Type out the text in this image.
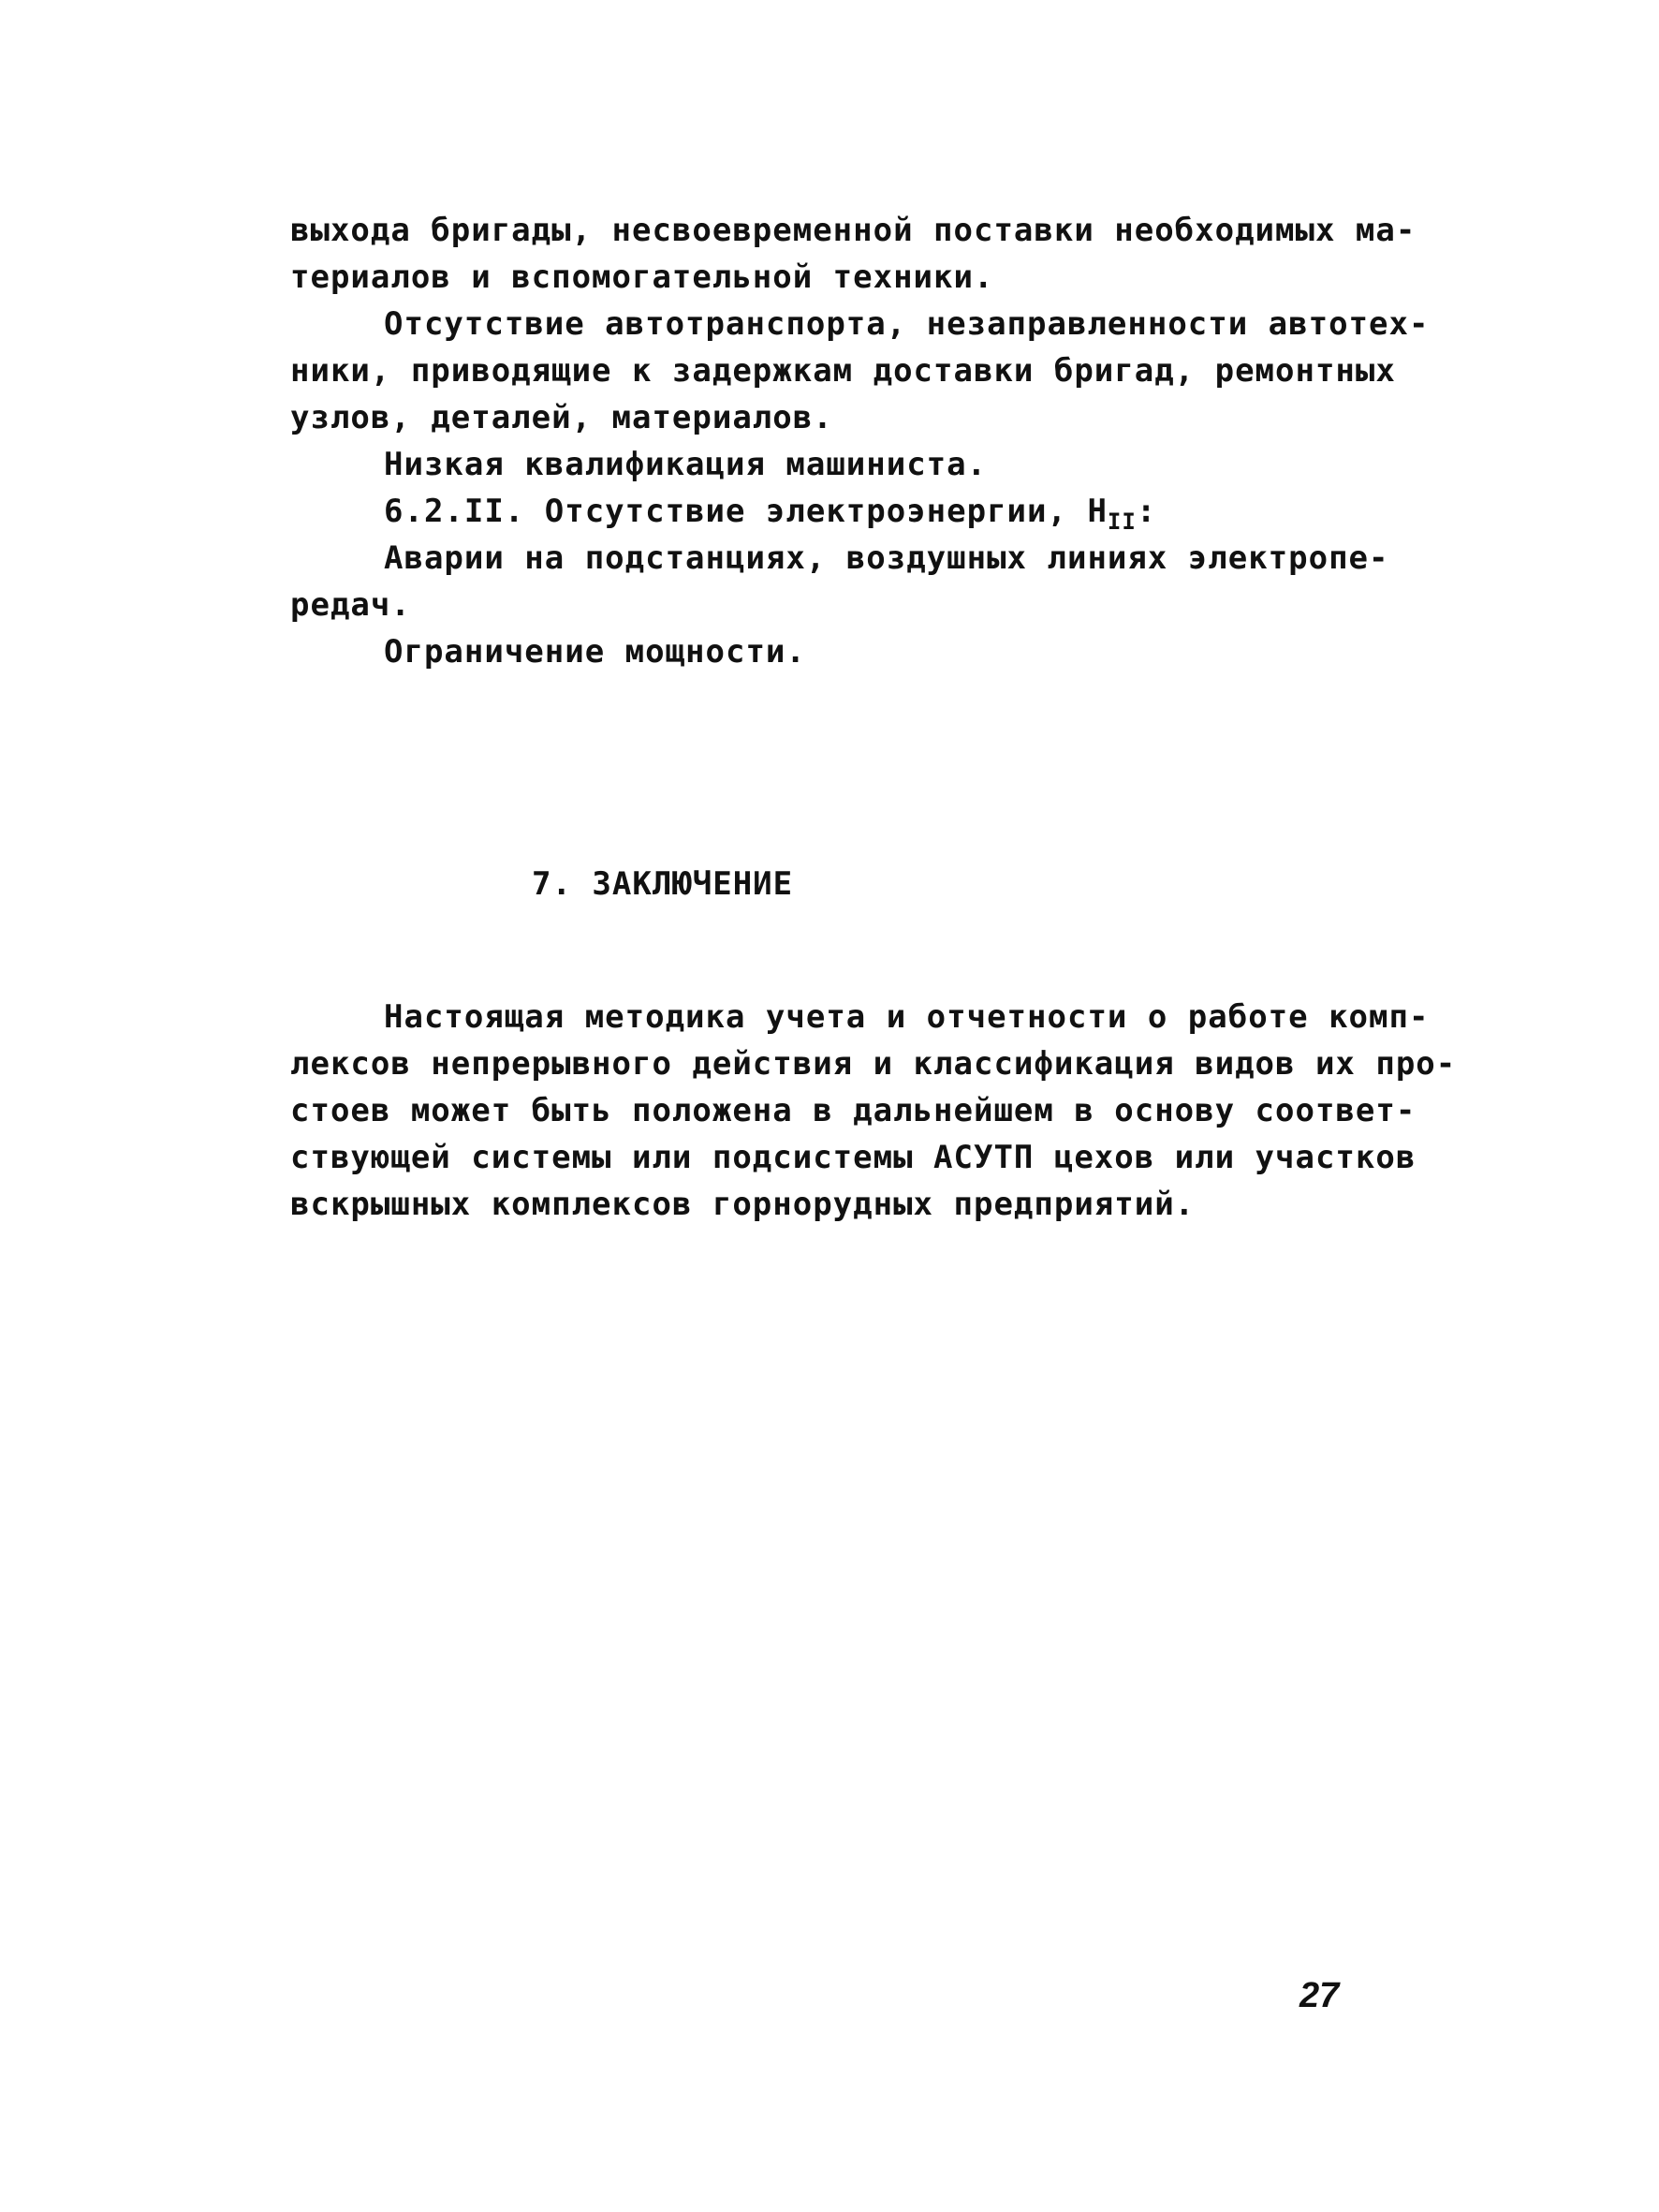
выхода бригады, несвоевременной поставки необходимых ма-
териалов и вспомогательной техники.
Отсутствие автотранспорта, незаправленности автотех-
ники, приводящие к задержкам доставки бригад, ремонтных
узлов, деталей, материалов.
Низкая квалификация машиниста.
6.2.II. Отсутствие электроэнергии, $Н_{II}$:
Аварии на подстанциях, воздушных линиях электропе-
редач.
Ограничение мощности.
7. ЗАКЛЮЧЕНИЕ
Настоящая методика учета и отчетности о работе комп-
лексов непрерывного действия и классификация видов их про-
стоев может быть положена в дальнейшем в основу соответ-
ствующей системы или подсистемы АСУТП цехов или участков
вскрышных комплексов горнорудных предприятий.
27
